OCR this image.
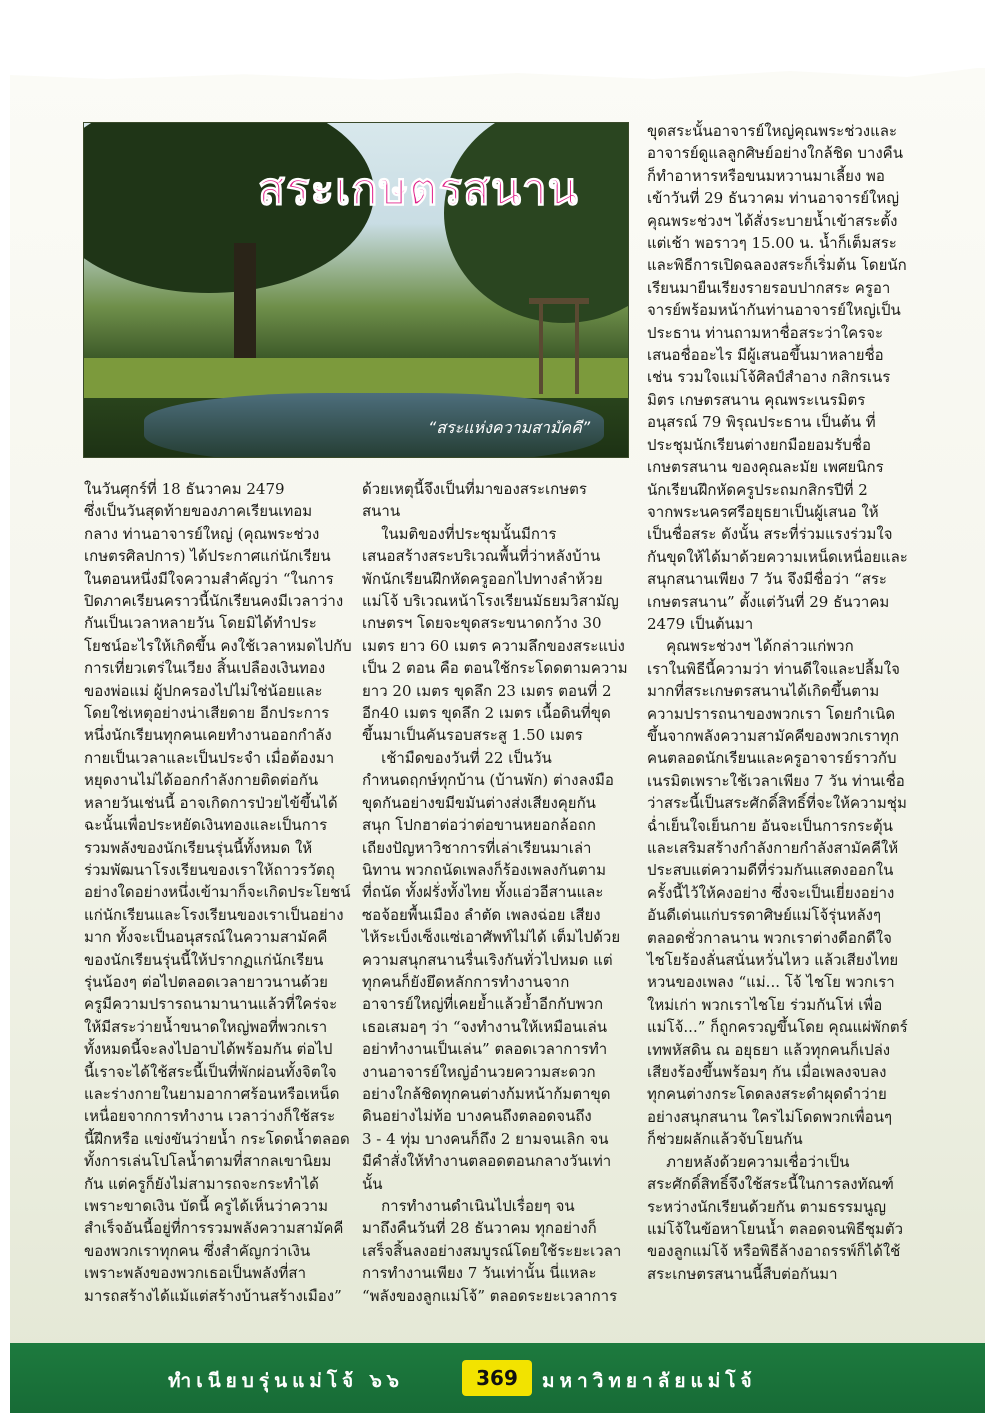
สระเกษตรสนาน
“สระแห่งความสามัคคี”

ในวันศุกร์ที่ 18 ธันวาคม 2479

ซึ่งเป็นวันสุดท้ายของภาคเรียนเทอม

กลาง ท่านอาจารย์ใหญ่ (คุณพระช่วง

เกษตรศิลปการ) ได้ประกาศแก่นักเรียน

ในตอนหนึ่งมีใจความสำคัญว่า “ในการ

ปิดภาคเรียนคราวนี้นักเรียนคงมีเวลาว่าง

กันเป็นเวลาหลายวัน โดยมิได้ทำประ

โยชน์อะไรให้เกิดขึ้น คงใช้เวลาหมดไปกับ

การเที่ยวเตร่ในเวียง สิ้นเปลืองเงินทอง

ของพ่อแม่ ผู้ปกครองไปไม่ใช่น้อยและ

โดยใช่เหตุอย่างน่าเสียดาย อีกประการ

หนึ่งนักเรียนทุกคนเคยทำงานออกกำลัง

กายเป็นเวลาและเป็นประจำ เมื่อต้องมา

หยุดงานไม่ได้ออกกำลังกายติดต่อกัน

หลายวันเช่นนี้ อาจเกิดการป่วยไข้ขึ้นได้

ฉะนั้นเพื่อประหยัดเงินทองและเป็นการ

รวมพลังของนักเรียนรุ่นนี้ทั้งหมด ให้

ร่วมพัฒนาโรงเรียนของเราให้ถาวรวัตถุ

อย่างใดอย่างหนึ่งเข้ามาก็จะเกิดประโยชน์

แก่นักเรียนและโรงเรียนของเราเป็นอย่าง

มาก ทั้งจะเป็นอนุสรณ์ในความสามัคคี

ของนักเรียนรุ่นนี้ให้ปรากฏแก่นักเรียน

รุ่นน้องๆ ต่อไปตลอดเวลายาวนานด้วย

ครูมีความปรารถนามานานแล้วที่ใคร่จะ

ให้มีสระว่ายน้ำขนาดใหญ่พอที่พวกเรา

ทั้งหมดนี้จะลงไปอาบได้พร้อมกัน ต่อไป

นี้เราจะได้ใช้สระนี้เป็นที่พักผ่อนทั้งจิตใจ

และร่างกายในยามอากาศร้อนหรือเหน็ด

เหนื่อยจากการทำงาน เวลาว่างก็ใช้สระ

นี้ฝึกหรือ แข่งขันว่ายน้ำ กระโดดน้ำตลอด

ทั้งการเล่นโปโลน้ำตามที่สากลเขานิยม

กัน แต่ครูก็ยังไม่สามารถจะกระทำได้

เพราะขาดเงิน บัดนี้ ครูได้เห็นว่าความ

สำเร็จอันนี้อยู่ที่การรวมพลังความสามัคคี

ของพวกเราทุกคน ซึ่งสำคัญกว่าเงิน

เพราะพลังของพวกเธอเป็นพลังที่สา

มารถสร้างได้แม้แต่สร้างบ้านสร้างเมือง”

ด้วยเหตุนี้จึงเป็นที่มาของสระเกษตร

สนาน

ในมติของที่ประชุมนั้นมีการ

เสนอสร้างสระบริเวณพื้นที่ว่าหลังบ้าน

พักนักเรียนฝึกหัดครูออกไปทางลำห้วย

แม่โจ้ บริเวณหน้าโรงเรียนมัธยมวิสามัญ

เกษตรฯ โดยจะขุดสระขนาดกว้าง 30

เมตร ยาว 60 เมตร ความลึกของสระแบ่ง

เป็น 2 ตอน คือ ตอนใช้กระโดดตามความ

ยาว 20 เมตร ขุดลึก 23 เมตร ตอนที่ 2

อีก40 เมตร ขุดลึก 2 เมตร เนื้อดินที่ขุด

ขึ้นมาเป็นคันรอบสระสู 1.50 เมตร

เช้ามืดของวันที่ 22 เป็นวัน

กำหนดฤกษ์ทุกบ้าน (บ้านพัก) ต่างลงมือ

ขุดกันอย่างขมีขมันต่างส่งเสียงคุยกัน

สนุก โปกฮาต่อว่าต่อขานหยอกล้อถก

เถียงปัญหาวิชาการที่เล่าเรียนมาเล่า

นิทาน พวกถนัดเพลงก็ร้องเพลงกันตาม

ที่ถนัด ทั้งฝรั่งทั้งไทย ทั้งแอ่วอีสานและ

ซอจ้อยพื้นเมือง ลำตัด เพลงฉ่อย เสียง

ไห้ระเบ็งเซ็งแซ่เอาศัพท์ไม่ได้ เต็มไปด้วย

ความสนุกสนานรื่นเริงกันทั่วไปหมด แต่

ทุกคนก็ยังยึดหลักการทำงานจาก

อาจารย์ใหญ่ที่เคยย้ำแล้วย้ำอีกกับพวก

เธอเสมอๆ ว่า “จงทำงานให้เหมือนเล่น

อย่าทำงานเป็นเล่น” ตลอดเวลาการทำ

งานอาจารย์ใหญ่อำนวยความสะดวก

อย่างใกล้ชิดทุกคนต่างก้มหน้าก้มตาขุด

ดินอย่างไม่ท้อ บางคนถึงตลอดจนถึง

3 - 4 ทุ่ม บางคนก็ถึง 2 ยามจนเลิก จน

มีคำสั่งให้ทำงานตลอดตอนกลางวันเท่า

นั้น

การทำงานดำเนินไปเรื่อยๆ จน

มาถึงคืนวันที่ 28 ธันวาคม ทุกอย่างก็

เสร็จสิ้นลงอย่างสมบูรณ์โดยใช้ระยะเวลา

การทำงานเพียง 7 วันเท่านั้น นี่แหละ

“พลังของลูกแม่โจ้” ตลอดระยะเวลาการ

ขุดสระนั้นอาจารย์ใหญ่คุณพระช่วงและ

อาจารย์ดูแลลูกศิษย์อย่างใกล้ชิด บางคืน

ก็ทำอาหารหรือขนมหวานมาเลี้ยง พอ

เข้าวันที่ 29 ธันวาคม ท่านอาจารย์ใหญ่

คุณพระช่วงฯ ได้สั่งระบายน้ำเข้าสระตั้ง

แต่เช้า พอราวๆ 15.00 น. น้ำก็เต็มสระ

และพิธีการเปิดฉลองสระก็เริ่มต้น โดยนัก

เรียนมายืนเรียงรายรอบปากสระ ครูอา

จารย์พร้อมหน้ากันท่านอาจารย์ใหญ่เป็น

ประธาน ท่านถามหาชื่อสระว่าใครจะ

เสนอชื่ออะไร มีผู้เสนอขึ้นมาหลายชื่อ

เช่น รวมใจแม่โจ้ศิลป์สำอาง กสิกรเนร

มิตร เกษตรสนาน คุณพระเนรมิตร

อนุสรณ์ 79 พิรุณประธาน เป็นต้น ที่

ประชุมนักเรียนต่างยกมือยอมรับชื่อ

เกษตรสนาน ของคุณละมัย เพศยนิกร

นักเรียนฝึกหัดครูประถมกสิกรปีที่ 2

จากพระนครศรีอยุธยาเป็นผู้เสนอ ให้

เป็นชื่อสระ ดังนั้น สระที่ร่วมแรงร่วมใจ

กันขุดให้ได้มาด้วยความเหน็ดเหนื่อยและ

สนุกสนานเพียง 7 วัน จึงมีชื่อว่า “สระ

เกษตรสนาน” ตั้งแต่วันที่ 29 ธันวาคม

2479 เป็นต้นมา

คุณพระช่วงฯ ได้กล่าวแก่พวก

เราในพิธีนี้ความว่า ท่านดีใจและปลื้มใจ

มากที่สระเกษตรสนานได้เกิดขึ้นตาม

ความปรารถนาของพวกเรา โดยกำเนิด

ขึ้นจากพลังความสามัคคีของพวกเราทุก

คนตลอดนักเรียนและครูอาจารย์ราวกับ

เนรมิตเพราะใช้เวลาเพียง 7 วัน ท่านเชื่อ

ว่าสระนี้เป็นสระศักดิ์สิทธิ์ที่จะให้ความชุ่ม

ฉ่ำเย็นใจเย็นกาย อันจะเป็นการกระตุ้น

และเสริมสร้างกำลังกายกำลังสามัคคีให้

ประสบแต่ความดีที่ร่วมกันแสดงออกใน

ครั้งนี้ไว้ให้คงอย่าง ซึ่งจะเป็นเยี่ยงอย่าง

อันดีเด่นแก่บรรดาศิษย์แม่โจ้รุ่นหลังๆ

ตลอดชั่วกาลนาน พวกเราต่างดีอกดีใจ

ไชโยร้องลั่นสนั่นหวั่นไหว แล้วเสียงไทย

หวนของเพลง “แม่... โจ้ ไชโย พวกเรา

ใหม่เก่า พวกเราไชโย ร่วมกันโห่ เพื่อ

แม่โจ้...” ก็ถูกครวญขึ้นโดย คุณแผ่พักตร์

เทพหัสดิน ณ อยุธยา แล้วทุกคนก็เปล่ง

เสียงร้องขึ้นพร้อมๆ กัน เมื่อเพลงจบลง

ทุกคนต่างกระโดดลงสระดำผุดดำว่าย

อย่างสนุกสนาน ใครไม่โดดพวกเพื่อนๆ

ก็ช่วยผลักแล้วจับโยนกัน

ภายหลังด้วยความเชื่อว่าเป็น

สระศักดิ์สิทธิ์จึงใช้สระนี้ในการลงทัณฑ์

ระหว่างนักเรียนด้วยกัน ตามธรรมนูญ

แม่โจ้ในข้อหาโยนน้ำ ตลอดจนพิธีชุมตัว

ของลูกแม่โจ้ หรือพิธีล้างอาถรรพ์ก็ได้ใช้

สระเกษตรสนานนี้สืบต่อกันมา

ทำเนียบรุ่นแม่โจ้ ๖๖	369	มหาวิทยาลัยแม่โจ้
